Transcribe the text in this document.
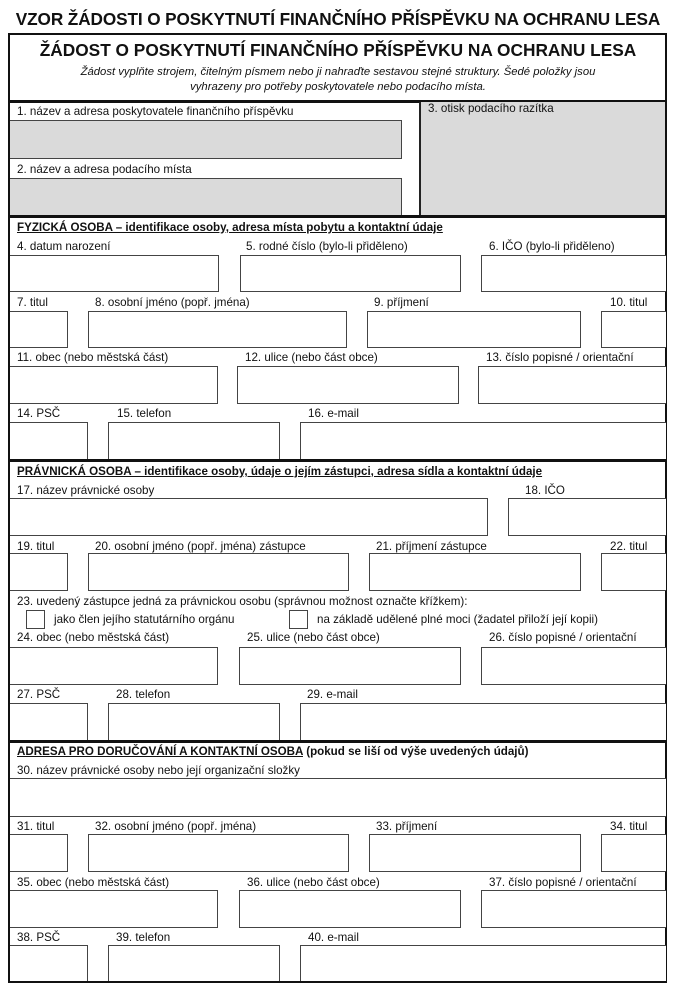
VZOR ŽÁDOSTI O POSKYTNUTÍ FINANČNÍHO PŘÍSPĚVKU NA OCHRANU LESA
ŽÁDOST O POSKYTNUTÍ FINANČNÍHO PŘÍSPĚVKU NA OCHRANU LESA
Žádost vyplňte strojem, čitelným písmem nebo ji nahraďte sestavou stejné struktury. Šedé položky jsou
vyhrazeny pro potřeby poskytovatele nebo podacího místa.
3. otisk podacího razítka
1. název a adresa poskytovatele finančního příspěvku
2. název a adresa podacího místa
FYZICKÁ OSOBA – identifikace osoby, adresa místa pobytu a kontaktní údaje
4. datum narození	5. rodné číslo (bylo-li přiděleno)	6. IČO (bylo-li přiděleno)
7. titul	8. osobní jméno (popř. jména)	9. příjmení	10. titul
11. obec (nebo městská část)	12. ulice (nebo část obce)	13. číslo popisné / orientační
14. PSČ	15. telefon	16. e-mail
PRÁVNICKÁ OSOBA – identifikace osoby, údaje o jejím zástupci, adresa sídla a kontaktní údaje
17. název právnické osoby	18. IČO
19. titul	20. osobní jméno (popř. jména) zástupce	21. příjmení zástupce	22. titul
23. uvedený zástupce jedná za právnickou osobu (správnou možnost označte křížkem):
jako člen jejího statutárního orgánu	na základě udělené plné moci (žadatel přiloží její kopii)
24. obec (nebo městská část)	25. ulice (nebo část obce)	26. číslo popisné / orientační
27. PSČ	28. telefon	29. e-mail
ADRESA PRO DORUČOVÁNÍ A KONTAKTNÍ OSOBA (pokud se liší od výše uvedených údajů)
30. název právnické osoby nebo její organizační složky
31. titul	32. osobní jméno (popř. jména)	33. příjmení	34. titul
35. obec (nebo městská část)	36. ulice (nebo část obce)	37. číslo popisné / orientační
38. PSČ	39. telefon	40. e-mail
